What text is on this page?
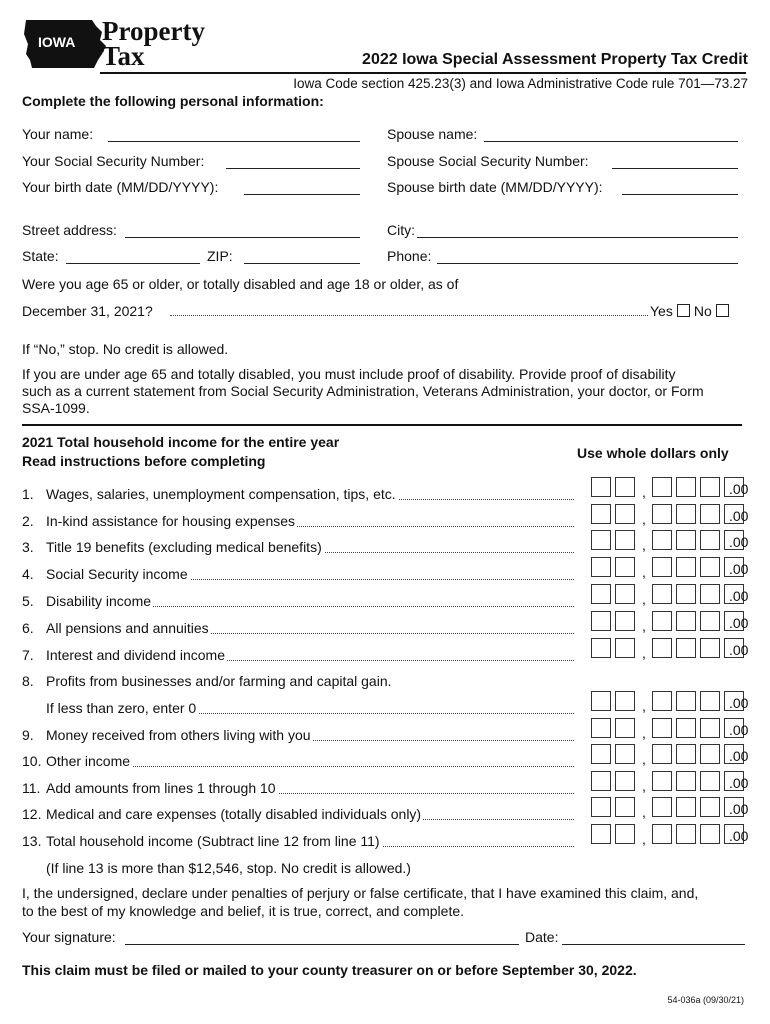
IOWA Property
Tax	2022 Iowa Special Assessment Property Tax Credit
Iowa Code section 425.23(3) and Iowa Administrative Code rule 701—73.27
Complete the following personal information:
Your name:	Spouse name:
Your Social Security Number:	Spouse Social Security Number:
Your birth date (MM/DD/YYYY):	Spouse birth date (MM/DD/YYYY):
Street address:	City:
State:	ZIP:	Phone:
Were you age 65 or older, or totally disabled and age 18 or older, as of
December 31, 2021?	Yes No
If “No,” stop. No credit is allowed.
If you are under age 65 and totally disabled, you must include proof of disability. Provide proof of disability
such as a current statement from Social Security Administration, Veterans Administration, your doctor, or Form
SSA-1099.
2021 Total household income for the entire year
Read instructions before completing	Use whole dollars only
1. Wages, salaries, unemployment compensation, tips, etc.	,	.00
2. In-kind assistance for housing expenses	,	.00
3. Title 19 benefits (excluding medical benefits)	,	.00
4. Social Security income	,	.00
5. Disability income	,	.00
6. All pensions and annuities	,	.00
7. Interest and dividend income	,	.00
8. Profits from businesses and/or farming and capital gain.
If less than zero, enter 0	,	.00
9. Money received from others living with you	,	.00
10. Other income	,	.00
11. Add amounts from lines 1 through 10	,	.00
12. Medical and care expenses (totally disabled individuals only)	,	.00
13. Total household income (Subtract line 12 from line 11)	,	.00
(If line 13 is more than $12,546, stop. No credit is allowed.)
I, the undersigned, declare under penalties of perjury or false certificate, that I have examined this claim, and,
to the best of my knowledge and belief, it is true, correct, and complete.
Your signature:	Date:
This claim must be filed or mailed to your county treasurer on or before September 30, 2022.
54-036a (09/30/21)
